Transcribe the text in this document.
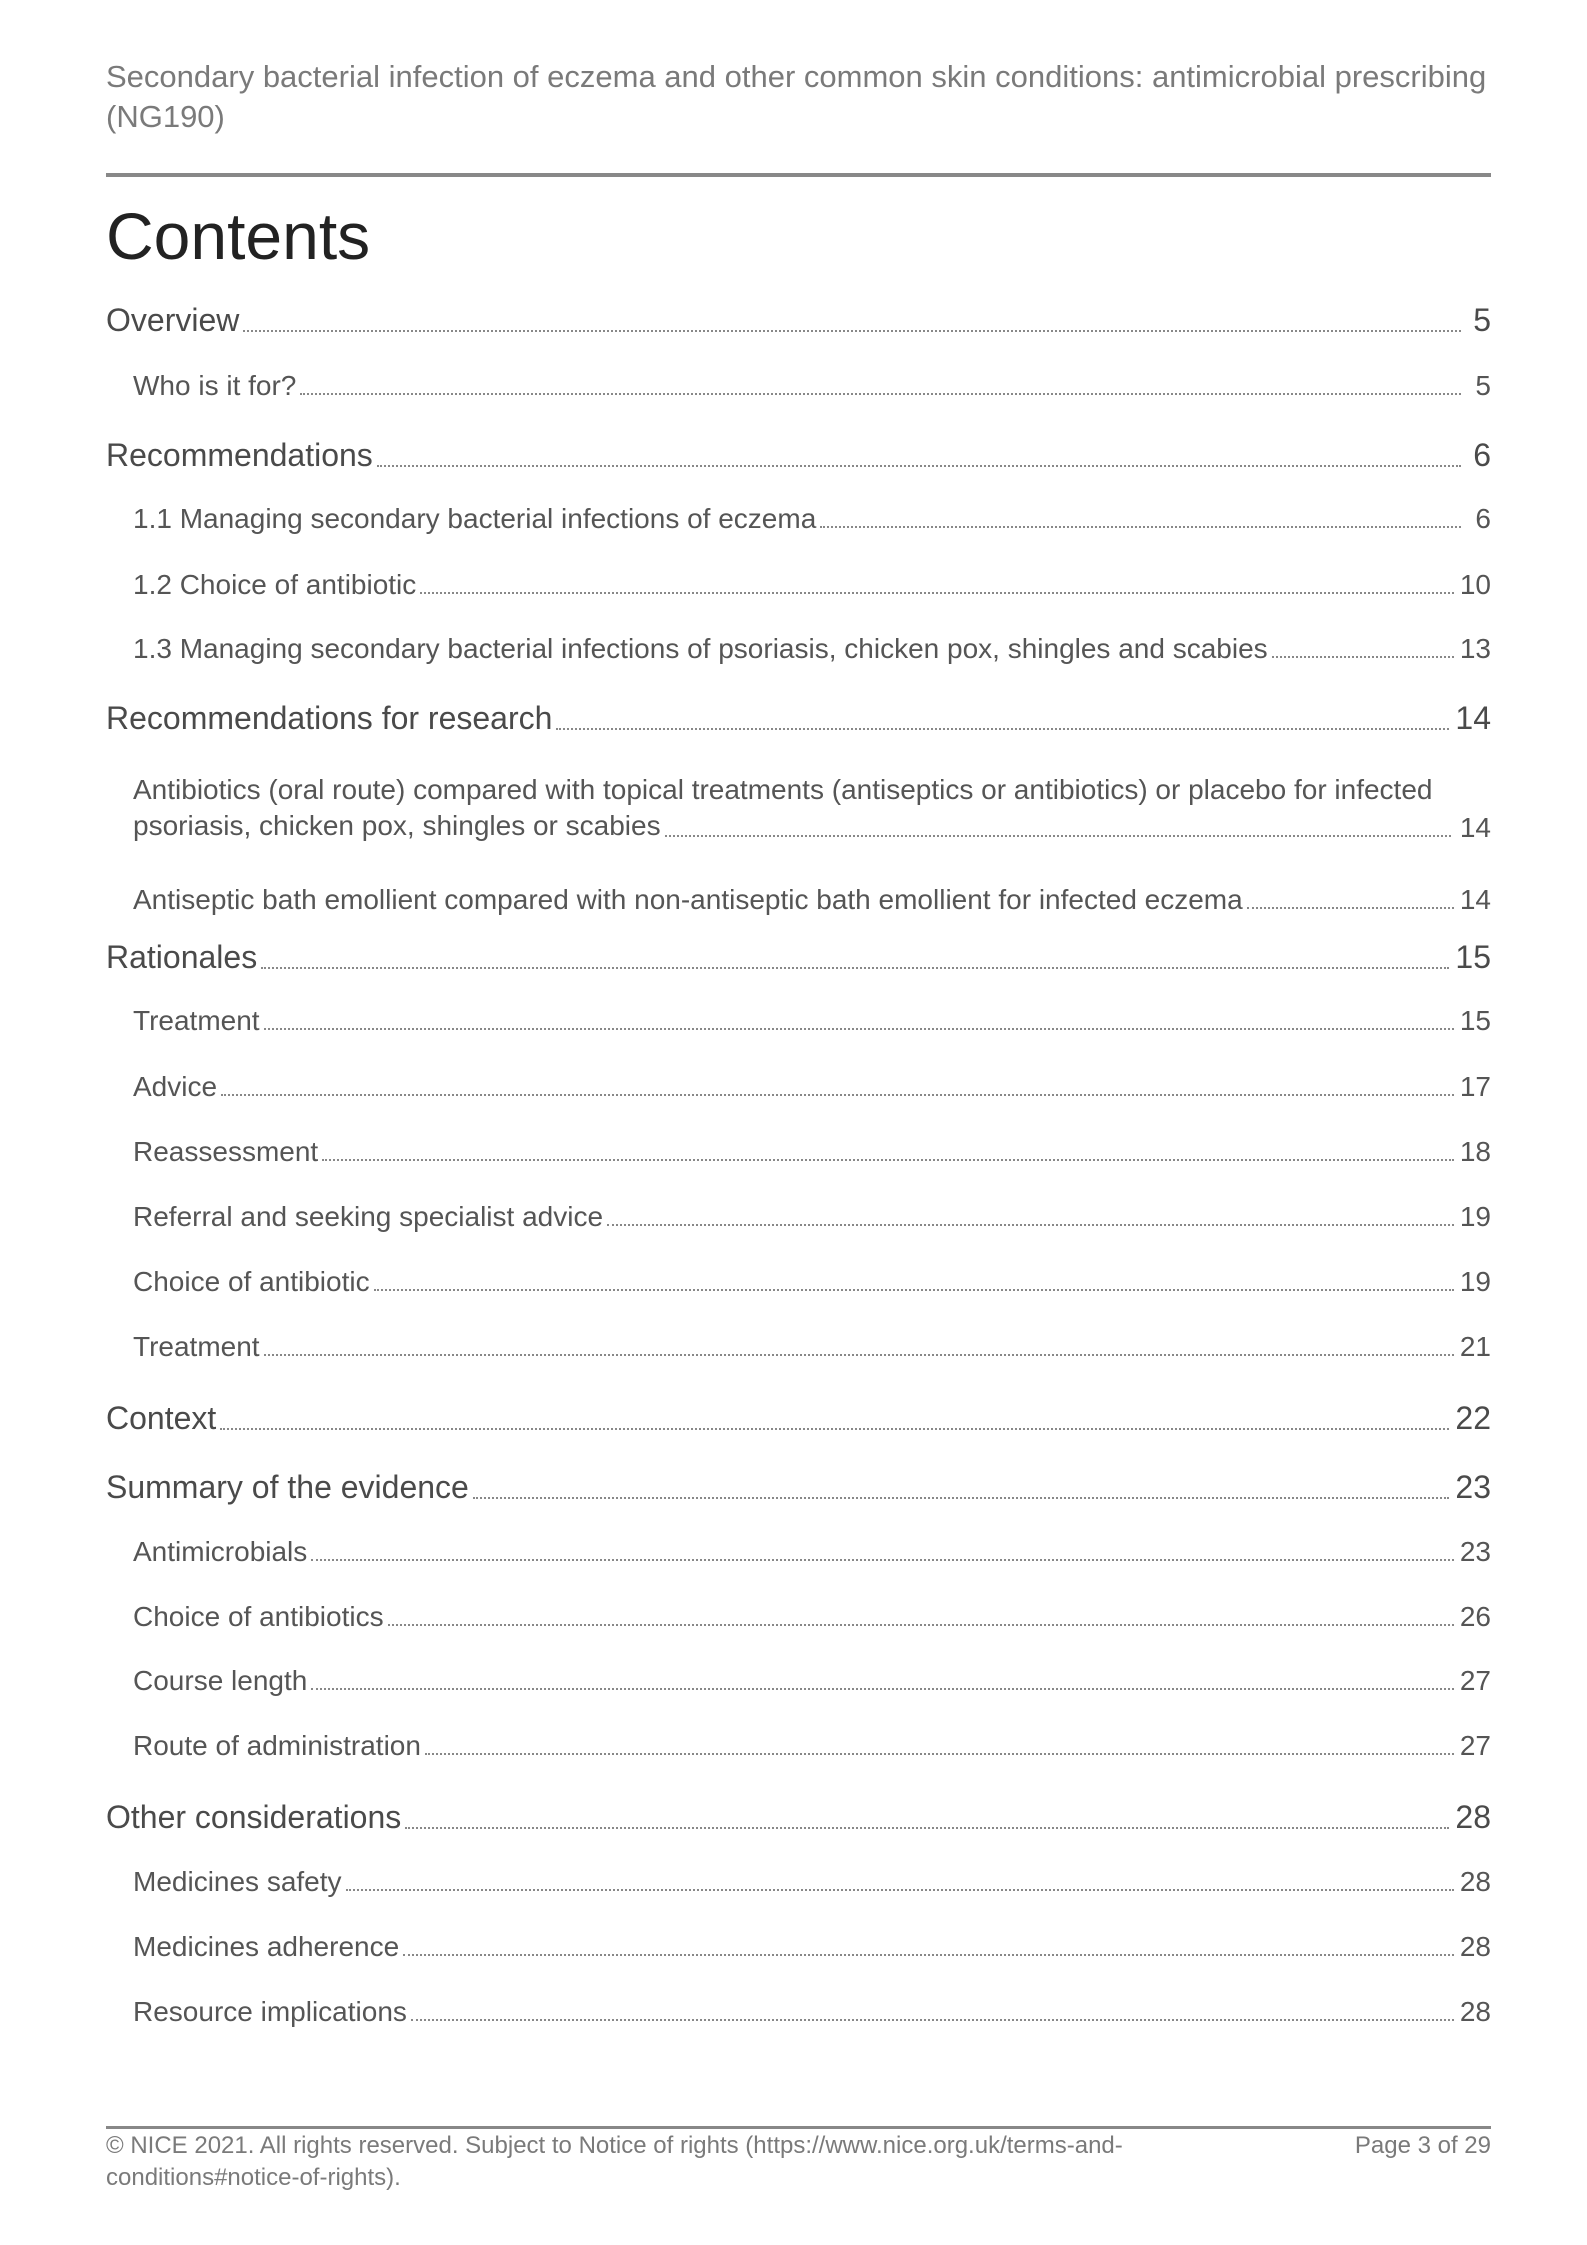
Secondary bacterial infection of eczema and other common skin conditions: antimicrobial prescribing (NG190)
Contents
Overview	5
Who is it for?	5
Recommendations	6
1.1 Managing secondary bacterial infections of eczema	6
1.2 Choice of antibiotic	10
1.3 Managing secondary bacterial infections of psoriasis, chicken pox, shingles and scabies	13
Recommendations for research	14
Antibiotics (oral route) compared with topical treatments (antiseptics or antibiotics) or placebo for infected psoriasis, chicken pox, shingles or scabies	14
Antiseptic bath emollient compared with non-antiseptic bath emollient for infected eczema	14
Rationales	15
Treatment	15
Advice	17
Reassessment	18
Referral and seeking specialist advice	19
Choice of antibiotic	19
Treatment	21
Context	22
Summary of the evidence	23
Antimicrobials	23
Choice of antibiotics	26
Course length	27
Route of administration	27
Other considerations	28
Medicines safety	28
Medicines adherence	28
Resource implications	28
© NICE 2021. All rights reserved. Subject to Notice of rights (https://www.nice.org.uk/terms-and-conditions#notice-of-rights).
Page 3 of 29
